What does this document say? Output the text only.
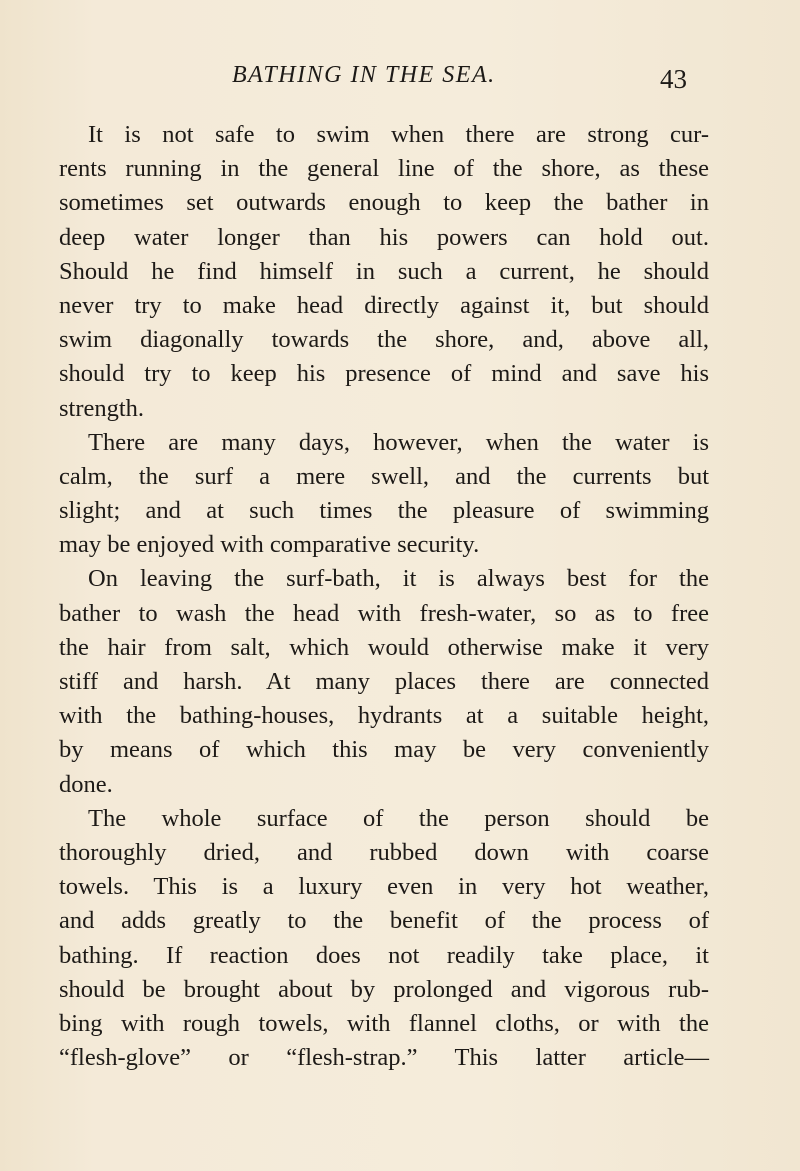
BATHING IN THE SEA.	43
It is not safe to swim when there are strong cur-
rents running in the general line of the shore, as these
sometimes set outwards enough to keep the bather in
deep water longer than his powers can hold out.
Should he find himself in such a current, he should
never try to make head directly against it, but should
swim diagonally towards the shore, and, above all,
should try to keep his presence of mind and save his
strength.
There are many days, however, when the water is
calm, the surf a mere swell, and the currents but
slight; and at such times the pleasure of swimming
may be enjoyed with comparative security.
On leaving the surf-bath, it is always best for the
bather to wash the head with fresh-water, so as to free
the hair from salt, which would otherwise make it very
stiff and harsh. At many places there are connected
with the bathing-houses, hydrants at a suitable height,
by means of which this may be very conveniently
done.
The whole surface of the person should be
thoroughly dried, and rubbed down with coarse
towels. This is a luxury even in very hot weather,
and adds greatly to the benefit of the process of
bathing. If reaction does not readily take place, it
should be brought about by prolonged and vigorous rub-
bing with rough towels, with flannel cloths, or with the
“flesh-glove” or “flesh-strap.” This latter article—
